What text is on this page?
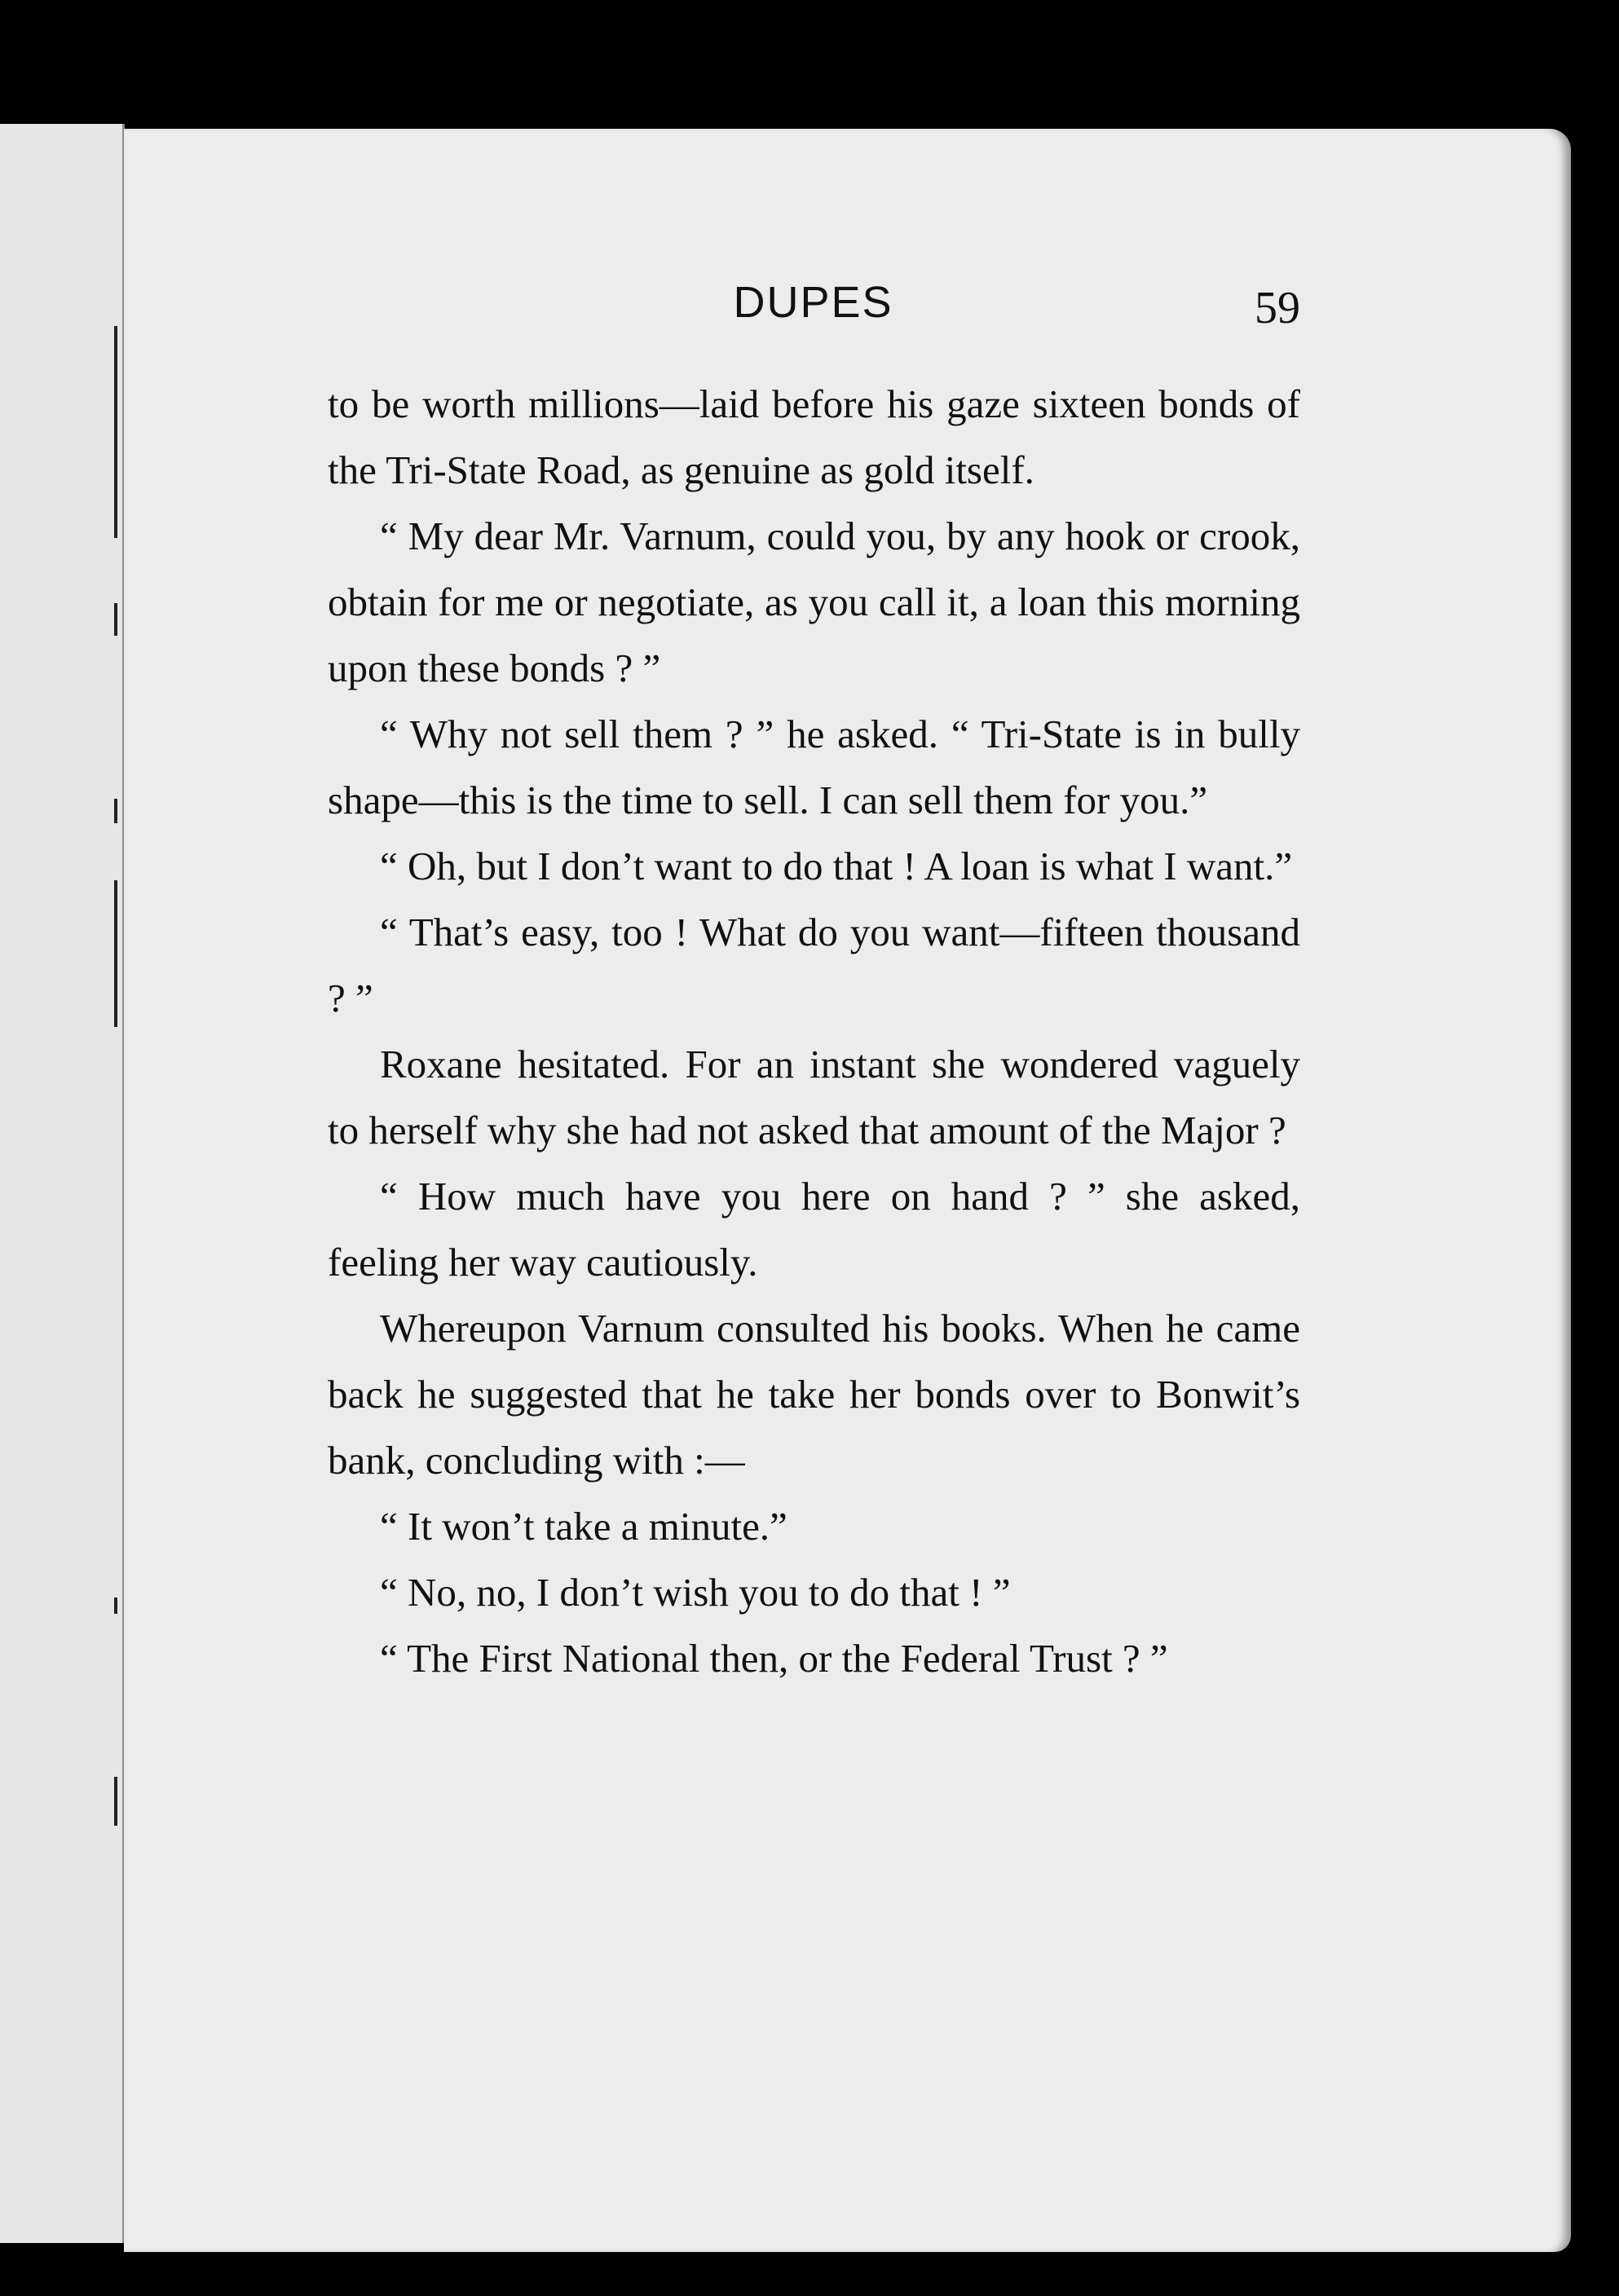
DUPES	59

to be worth millions—laid before his gaze sixteen bonds of the Tri-State Road, as genuine as gold itself.

“ My dear Mr. Varnum, could you, by any hook or crook, obtain for me or negotiate, as you call it, a loan this morning upon these bonds ? ”

“ Why not sell them ? ” he asked. “ Tri-State is in bully shape—this is the time to sell. I can sell them for you.”

“ Oh, but I don’t want to do that ! A loan is what I want.”

“ That’s easy, too ! What do you want—fifteen thousand ? ”

Roxane hesitated. For an instant she wondered vaguely to herself why she had not asked that amount of the Major ?

“ How much have you here on hand ? ” she asked, feeling her way cautiously.

Whereupon Varnum consulted his books. When he came back he suggested that he take her bonds over to Bonwit’s bank, concluding with :—

“ It won’t take a minute.”

“ No, no, I don’t wish you to do that ! ”

“ The First National then, or the Federal Trust ? ”
